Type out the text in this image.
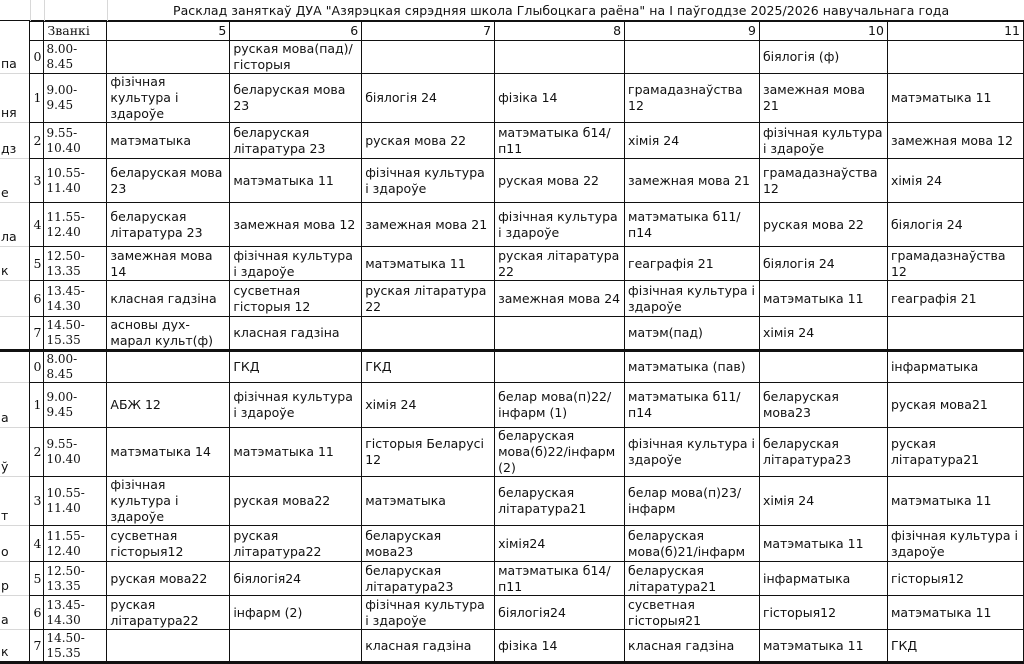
Расклад заняткаў ДУА "Азярэцкая сярэдняя школа Глыбоцкага раёна" на I паўгоддзе 2025/2026 навучальнага года
		Званкі	5	6	7	8	9	10	11
па	0	8.00-8.45		руская мова(пад)/гісторыя				біялогія (ф)	
ня	1	9.00-9.45	фізічная культура і здароўе	беларуская мова 23	біялогія 24	фізіка 14	грамадазнаўства 12	замежная мова 21	матэматыка 11
дз	2	9.55-10.40	матэматыка	беларуская літаратура 23	руская мова 22	матэматыка б14/п11	хімія 24	фізічная культура і здароўе	замежная мова 12
е	3	10.55-11.40	беларуская мова 23	матэматыка 11	фізічная культура і здароўе	руская мова 22	замежная мова 21	грамадазнаўства 12	хімія 24
ла	4	11.55-12.40	беларуская літаратура 23	замежная мова 12	замежная мова 21	фізічная культура і здароўе	матэматыка б11/п14	руская мова 22	біялогія 24
к	5	12.50-13.35	замежная мова 14	фізічная культура і здароўе	матэматыка 11	руская літаратура 22	геаграфія 21	біялогія 24	грамадазнаўства 12
	6	13.45-14.30	класная гадзіна	сусветная гісторыя 12	руская літаратура 22	замежная мова 24	фізічная культура і здароўе	матэматыка 11	геаграфія 21
	7	14.50-15.35	асновы дух-марал культ(ф)	класная гадзіна			матэм(пад)	хімія 24	
	0	8.00-8.45		ГКД	ГКД		матэматыка (пав)		інфарматыка
а	1	9.00-9.45	АБЖ 12	фізічная культура і здароўе	хімія 24	белар мова(п)22/інфарм (1)	матэматыка б11/п14	беларуская мова23	руская мова21
ў	2	9.55-10.40	матэматыка 14	матэматыка 11	гісторыя Беларусі 12	беларуская мова(б)22/інфарм (2)	фізічная культура і здароўе	беларуская літаратура23	руская літаратура21
т	3	10.55-11.40	фізічная культура і здароўе	руская мова22	матэматыка	беларуская літаратура21	белар мова(п)23/інфарм	хімія 24	матэматыка 11
о	4	11.55-12.40	сусветная гісторыя12	руская літаратура22	беларуская мова23	хімія24	беларуская мова(б)21/інфарм	матэматыка 11	фізічная культура і здароўе
р	5	12.50-13.35	руская мова22	біялогія24	беларуская літаратура23	матэматыка б14/п11	беларуская літаратура21	інфарматыка	гісторыя12
а	6	13.45-14.30	руская літаратура22	інфарм (2)	фізічная культура і здароўе	біялогія24	сусветная гісторыя21	гісторыя12	матэматыка 11
к	7	14.50-15.35			класная гадзіна	фізіка 14	класная гадзіна	матэматыка 11	ГКД
